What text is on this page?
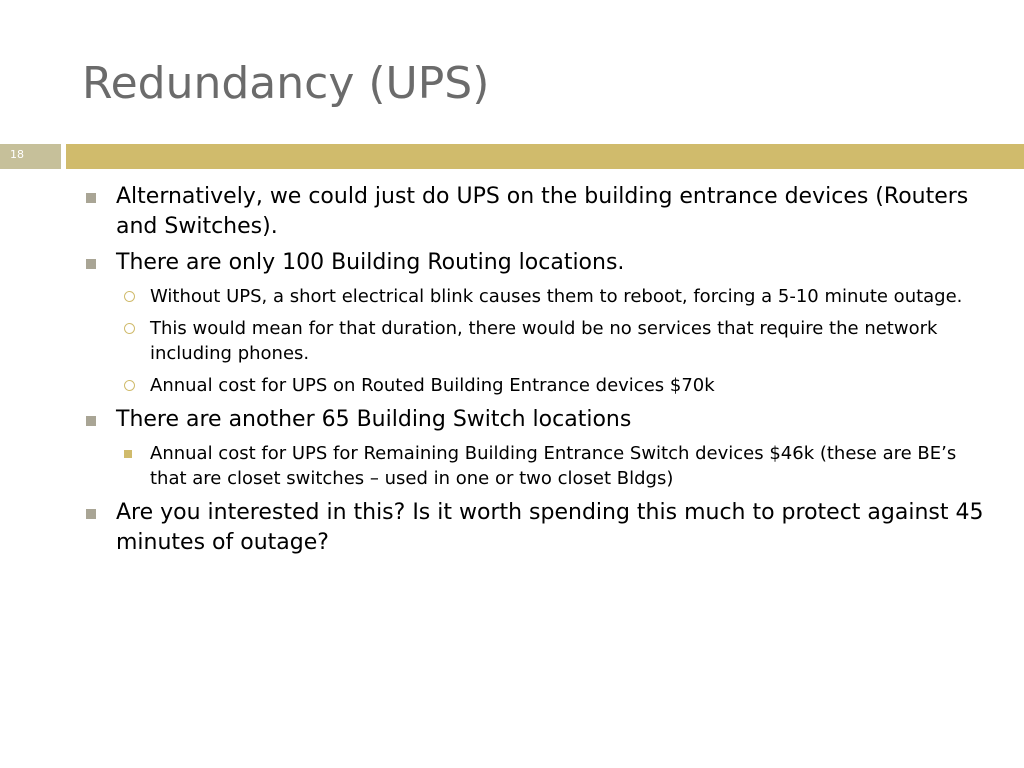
Redundancy (UPS)
18
Alternatively, we could just do UPS on the building entrance devices (Routers and Switches).
There are only 100 Building Routing locations.
Without UPS, a short electrical blink causes them to reboot, forcing a 5-10 minute outage.
This would mean for that duration, there would be no services that require the network including phones.
Annual cost for UPS on Routed Building Entrance devices $70k
There are another 65 Building Switch locations
Annual cost for UPS for Remaining Building Entrance Switch devices $46k (these are BE’s that are closet switches – used in one or two closet Bldgs)
Are you interested in this? Is it worth spending this much to protect against 45 minutes of outage?
